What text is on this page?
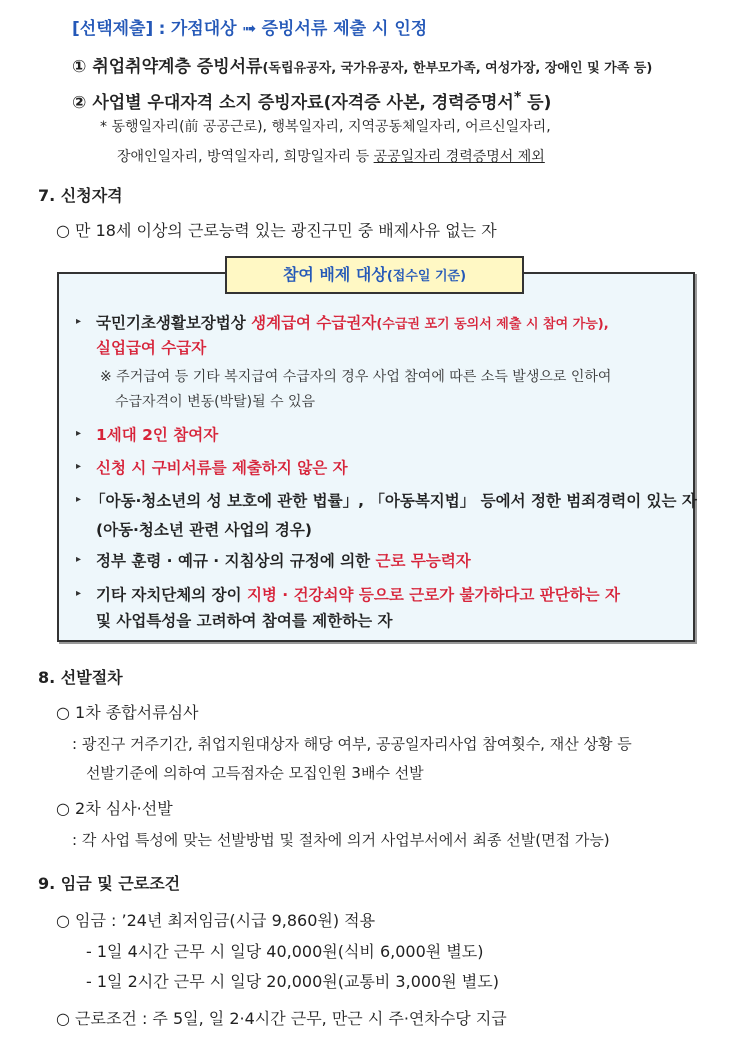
[선택제출] : 가점대상 ➟ 증빙서류 제출 시 인정
① 취업취약계층 증빙서류(독립유공자, 국가유공자, 한부모가족, 여성가장, 장애인 및 가족 등)
② 사업별 우대자격 소지 증빙자료(자격증 사본, 경력증명서* 등)
* 동행일자리(前 공공근로), 행복일자리, 지역공동체일자리, 어르신일자리,
장애인일자리, 방역일자리, 희망일자리 등 공공일자리 경력증명서 제외
7. 신청자격
○ 만 18세 이상의 근로능력 있는 광진구민 중 배제사유 없는 자
참여 배제 대상(접수일 기준)
▸ 국민기초생활보장법상 생계급여 수급권자(수급권 포기 동의서 제출 시 참여 가능),
실업급여 수급자
※ 주거급여 등 기타 복지급여 수급자의 경우 사업 참여에 따른 소득 발생으로 인하여
수급자격이 변동(박탈)될 수 있음
▸ 1세대 2인 참여자
▸ 신청 시 구비서류를 제출하지 않은 자
▸ 「아동·청소년의 성 보호에 관한 법률」, 「아동복지법」 등에서 정한 범죄경력이 있는 자
(아동·청소년 관련 사업의 경우)
▸ 정부 훈령 · 예규 · 지침상의 규정에 의한 근로 무능력자
▸ 기타 자치단체의 장이 지병 · 건강쇠약 등으로 근로가 불가하다고 판단하는 자
및 사업특성을 고려하여 참여를 제한하는 자
8. 선발절차
○ 1차 종합서류심사
: 광진구 거주기간, 취업지원대상자 해당 여부, 공공일자리사업 참여횟수, 재산 상황 등
선발기준에 의하여 고득점자순 모집인원 3배수 선발
○ 2차 심사·선발
: 각 사업 특성에 맞는 선발방법 및 절차에 의거 사업부서에서 최종 선발(면접 가능)
9. 임금 및 근로조건
○ 임금 : ’24년 최저임금(시급 9,860원) 적용
- 1일 4시간 근무 시 일당 40,000원(식비 6,000원 별도)
- 1일 2시간 근무 시 일당 20,000원(교통비 3,000원 별도)
○ 근로조건 : 주 5일, 일 2·4시간 근무, 만근 시 주·연차수당 지급
